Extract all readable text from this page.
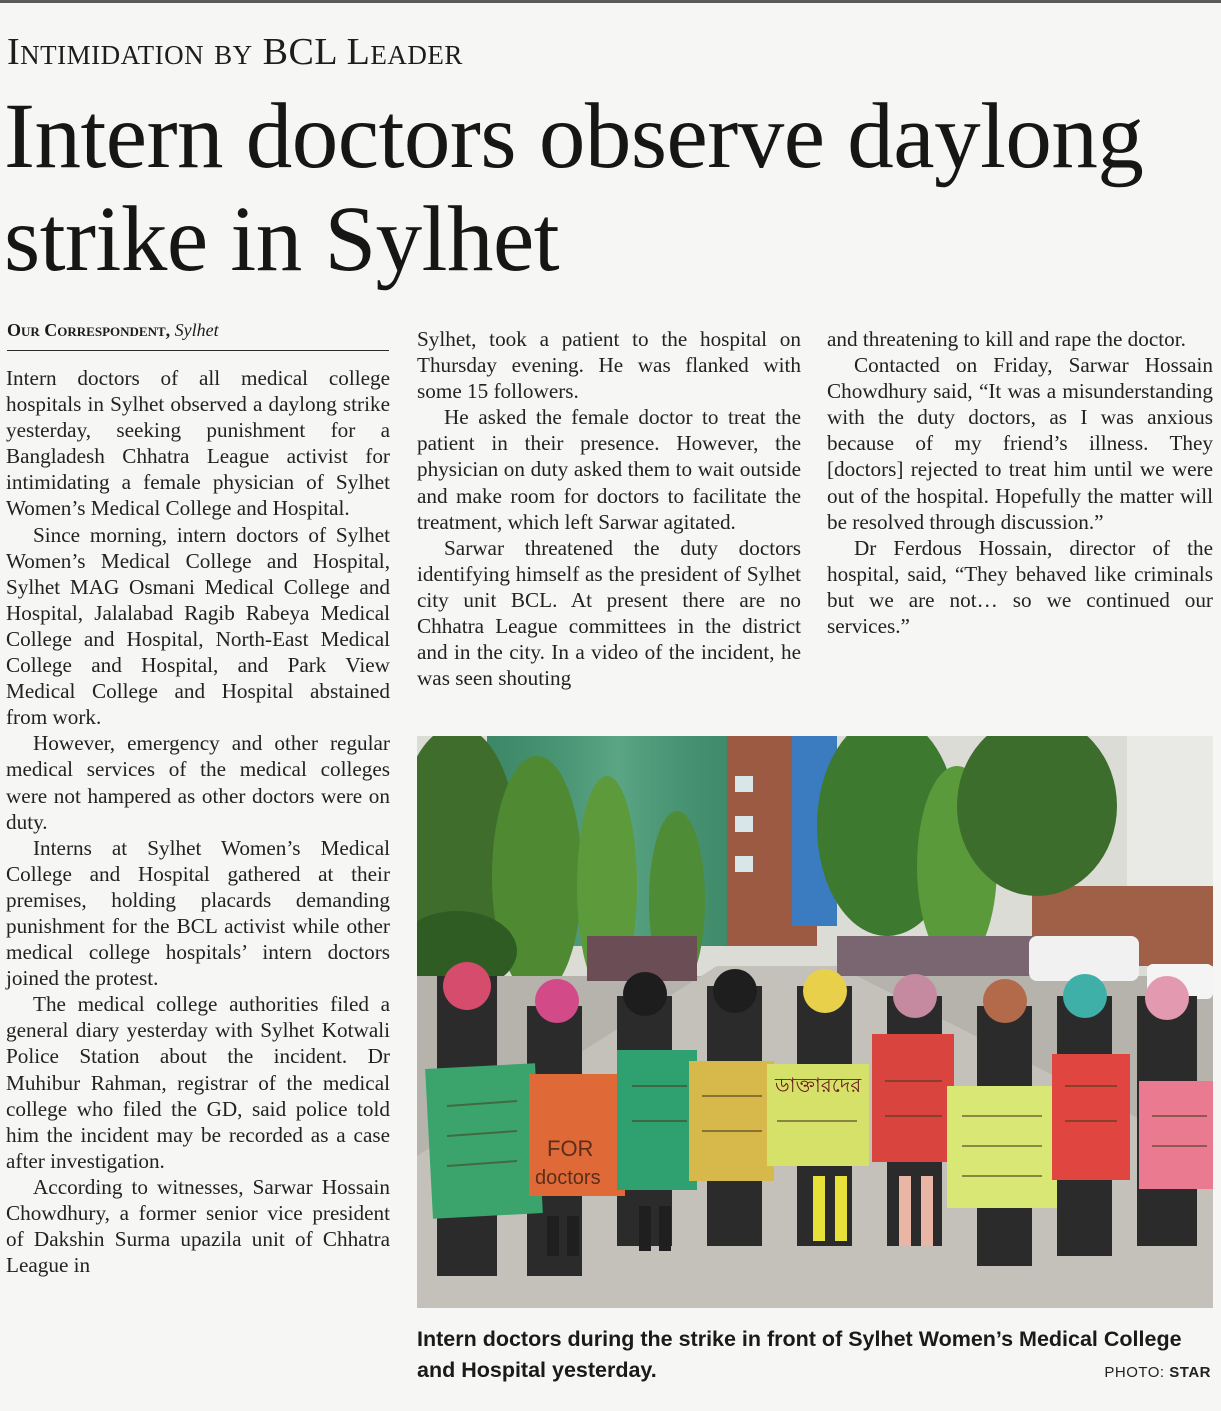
Intimidation by BCL Leader
Intern doctors observe daylong strike in Sylhet
Our Correspondent, Sylhet

Intern doctors of all medical college hospitals in Sylhet observed a daylong strike yesterday, seeking punishment for a Bangladesh Chhatra League activist for intimidating a female physician of Sylhet Women’s Medical College and Hospital.

Since morning, intern doctors of Sylhet Women’s Medical College and Hospital, Sylhet MAG Osmani Medical College and Hospital, Jalalabad Ragib Rabeya Medical College and Hospital, North-East Medical College and Hospital, and Park View Medical College and Hospital abstained from work.

However, emergency and other regular medical services of the medical colleges were not hampered as other doctors were on duty.

Interns at Sylhet Women’s Medical College and Hospital gathered at their premises, holding placards demanding punishment for the BCL activist while other medical college hospitals’ intern doctors joined the protest.

The medical college authorities filed a general diary yesterday with Sylhet Kotwali Police Station about the incident. Dr Muhibur Rahman, registrar of the medical college who filed the GD, said police told him the incident may be recorded as a case after investigation.

According to witnesses, Sarwar Hossain Chowdhury, a former senior vice president of Dakshin Surma upazila unit of Chhatra League in

Sylhet, took a patient to the hospital on Thursday evening. He was flanked with some 15 followers.

He asked the female doctor to treat the patient in their presence. However, the physician on duty asked them to wait outside and make room for doctors to facilitate the treatment, which left Sarwar agitated.

Sarwar threatened the duty doctors identifying himself as the president of Sylhet city unit BCL. At present there are no Chhatra League committees in the district and in the city. In a video of the incident, he was seen shouting

and threatening to kill and rape the doctor.

Contacted on Friday, Sarwar Hossain Chowdhury said, “It was a misunderstanding with the duty doctors, as I was anxious because of my friend’s illness. They [doctors] rejected to treat him until we were out of the hospital. Hopefully the matter will be resolved through discussion.”

Dr Ferdous Hossain, director of the hospital, said, “They behaved like criminals but we are not… so we continued our services.”

FOR
doctors
ডাক্তারদের
Intern doctors during the strike in front of Sylhet Women’s Medical College and Hospital yesterday.	PHOTO: STAR
